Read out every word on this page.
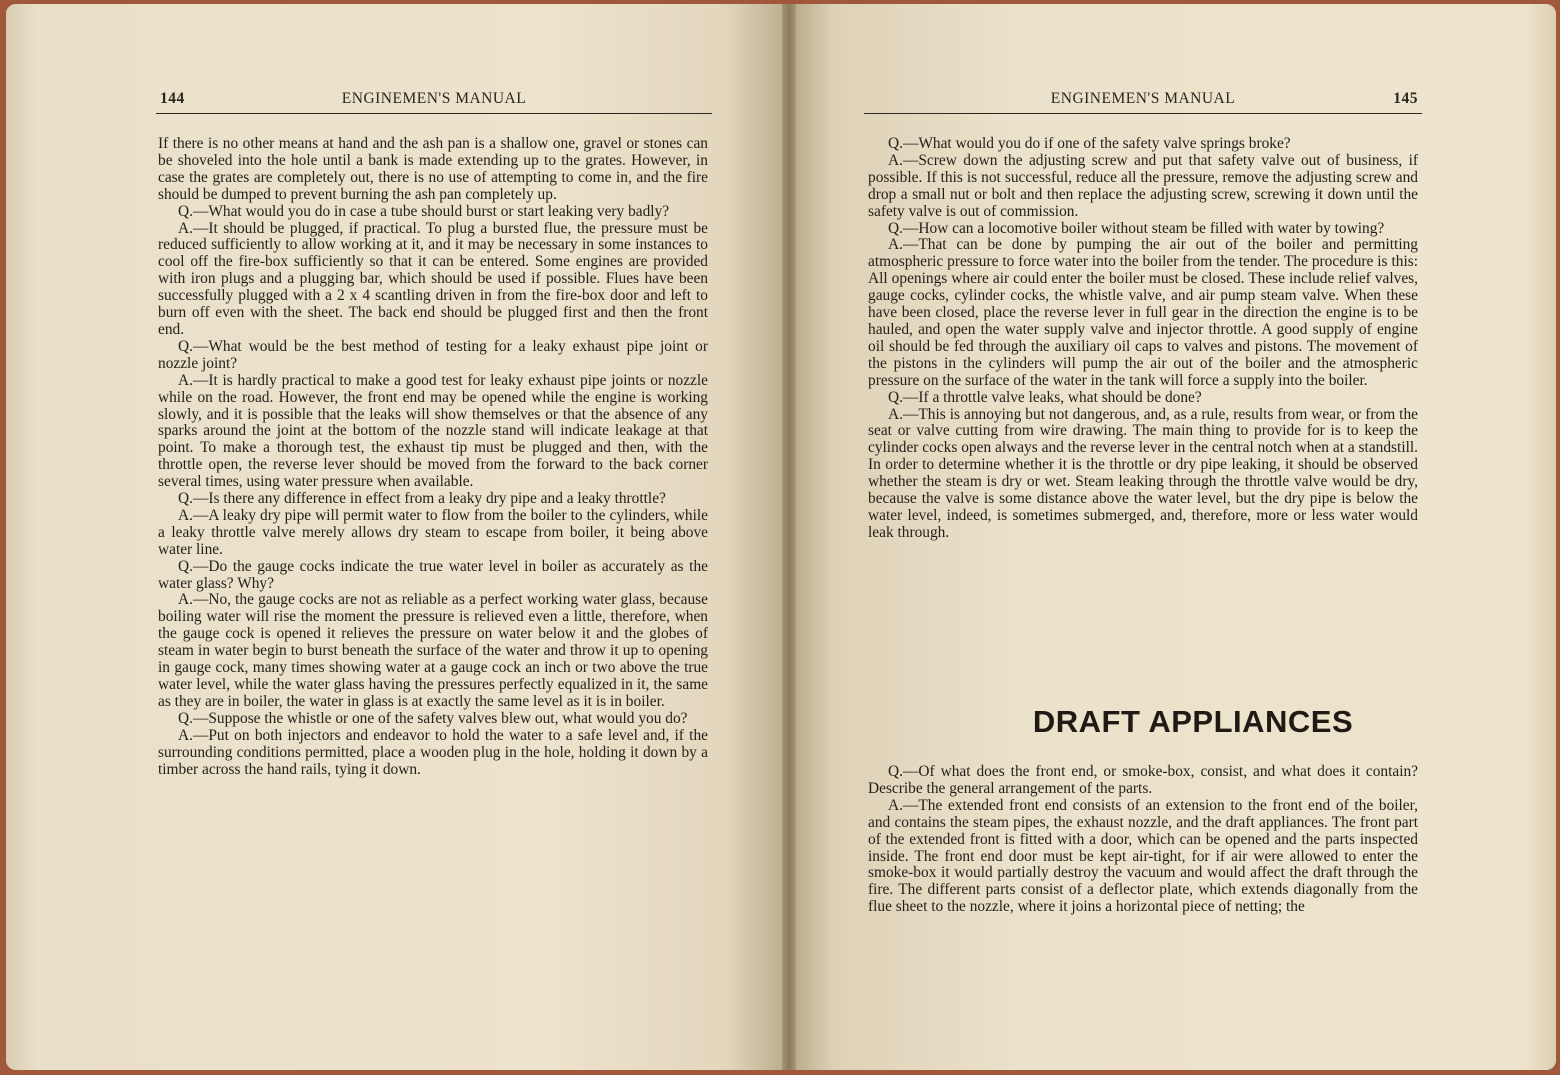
144	ENGINEMEN'S MANUAL

If there is no other means at hand and the ash pan is a shallow one, gravel or stones can be shoveled into the hole until a bank is made extending up to the grates. However, in case the grates are completely out, there is no use of attempting to come in, and the fire should be dumped to prevent burning the ash pan completely up.

Q.—What would you do in case a tube should burst or start leaking very badly?

A.—It should be plugged, if practical. To plug a bursted flue, the pressure must be reduced sufficiently to allow working at it, and it may be necessary in some instances to cool off the fire-box sufficiently so that it can be entered. Some engines are provided with iron plugs and a plugging bar, which should be used if possible. Flues have been successfully plugged with a 2 x 4 scantling driven in from the fire-box door and left to burn off even with the sheet. The back end should be plugged first and then the front end.

Q.—What would be the best method of testing for a leaky exhaust pipe joint or nozzle joint?

A.—It is hardly practical to make a good test for leaky exhaust pipe joints or nozzle while on the road. However, the front end may be opened while the engine is working slowly, and it is possible that the leaks will show themselves or that the absence of any sparks around the joint at the bottom of the nozzle stand will indicate leakage at that point. To make a thorough test, the exhaust tip must be plugged and then, with the throttle open, the reverse lever should be moved from the forward to the back corner several times, using water pressure when available.

Q.—Is there any difference in effect from a leaky dry pipe and a leaky throttle?

A.—A leaky dry pipe will permit water to flow from the boiler to the cylinders, while a leaky throttle valve merely allows dry steam to escape from boiler, it being above water line.

Q.—Do the gauge cocks indicate the true water level in boiler as accurately as the water glass? Why?

A.—No, the gauge cocks are not as reliable as a perfect working water glass, because boiling water will rise the moment the pressure is relieved even a little, therefore, when the gauge cock is opened it relieves the pressure on water below it and the globes of steam in water begin to burst beneath the surface of the water and throw it up to opening in gauge cock, many times showing water at a gauge cock an inch or two above the true water level, while the water glass having the pressures perfectly equalized in it, the same as they are in boiler, the water in glass is at exactly the same level as it is in boiler.

Q.—Suppose the whistle or one of the safety valves blew out, what would you do?

A.—Put on both injectors and endeavor to hold the water to a safe level and, if the surrounding conditions permitted, place a wooden plug in the hole, holding it down by a timber across the hand rails, tying it down.

ENGINEMEN'S MANUAL	145

Q.—What would you do if one of the safety valve springs broke?

A.—Screw down the adjusting screw and put that safety valve out of business, if possible. If this is not successful, reduce all the pressure, remove the adjusting screw and drop a small nut or bolt and then replace the adjusting screw, screwing it down until the safety valve is out of commission.

Q.—How can a locomotive boiler without steam be filled with water by towing?

A.—That can be done by pumping the air out of the boiler and permitting atmospheric pressure to force water into the boiler from the tender. The procedure is this: All openings where air could enter the boiler must be closed. These include relief valves, gauge cocks, cylinder cocks, the whistle valve, and air pump steam valve. When these have been closed, place the reverse lever in full gear in the direction the engine is to be hauled, and open the water supply valve and injector throttle. A good supply of engine oil should be fed through the auxiliary oil caps to valves and pistons. The movement of the pistons in the cylinders will pump the air out of the boiler and the atmospheric pressure on the surface of the water in the tank will force a supply into the boiler.

Q.—If a throttle valve leaks, what should be done?

A.—This is annoying but not dangerous, and, as a rule, results from wear, or from the seat or valve cutting from wire drawing. The main thing to provide for is to keep the cylinder cocks open always and the reverse lever in the central notch when at a standstill. In order to determine whether it is the throttle or dry pipe leaking, it should be observed whether the steam is dry or wet. Steam leaking through the throttle valve would be dry, because the valve is some distance above the water level, but the dry pipe is below the water level, indeed, is sometimes submerged, and, therefore, more or less water would leak through.

DRAFT APPLIANCES

Q.—Of what does the front end, or smoke-box, consist, and what does it contain? Describe the general arrangement of the parts.

A.—The extended front end consists of an extension to the front end of the boiler, and contains the steam pipes, the exhaust nozzle, and the draft appliances. The front part of the extended front is fitted with a door, which can be opened and the parts inspected inside. The front end door must be kept air-tight, for if air were allowed to enter the smoke-box it would partially destroy the vacuum and would affect the draft through the fire. The different parts consist of a deflector plate, which extends diagonally from the flue sheet to the nozzle, where it joins a horizontal piece of netting; the
